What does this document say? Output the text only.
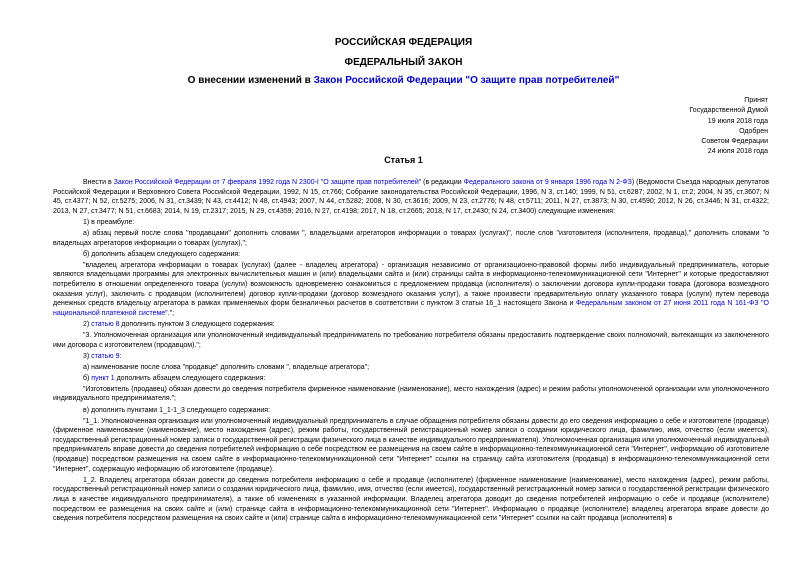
РОССИЙСКАЯ ФЕДЕРАЦИЯ
ФЕДЕРАЛЬНЫЙ ЗАКОН
О внесении изменений в Закон Российской Федерации "О защите прав потребителей"
Принят
Государственной Думой
19 июля 2018 года
Одобрен
Советом Федерации
24 июля 2018 года
Статья 1

Внести в Закон Российской Федерации от 7 февраля 1992 года N 2300-I "О защите прав потребителей" (в редакции Федерального закона от 9 января 1996 года N 2-ФЗ) (Ведомости Съезда народных депутатов Российской Федерации и Верховного Совета Российской Федерации, 1992, N 15, ст.766; Собрание законодательства Российской Федерации, 1996, N 3, ст.140; 1999, N 51, ст.6287; 2002, N 1, ст.2; 2004, N 35, ст.3607; N 45, ст.4377; N 52, ст.5275; 2006, N 31, ст.3439; N 43, ст.4412; N 48, ст.4943; 2007, N 44, ст.5282; 2008, N 30, ст.3616; 2009, N 23, ст.2776; N 48, ст.5711; 2011, N 27, ст.3873; N 30, ст.4590; 2012, N 26, ст.3446; N 31, ст.4322; 2013, N 27, ст.3477; N 51, ст.6683; 2014, N 19, ст.2317; 2015, N 29, ст.4359; 2016, N 27, ст.4198; 2017, N 18, ст.2665; 2018, N 17, ст.2430; N 24, ст.3400) следующие изменения:

1) в преамбуле:

а) абзац первый после слова "продавцами" дополнить словами ", владельцами агрегаторов информации о товарах (услугах)", после слов "изготовителя (исполнителя, продавца)," дополнить словами "о владельцах агрегаторов информации о товарах (услугах),";

б) дополнить абзацем следующего содержания:

"владелец агрегатора информации о товарах (услугах) (далее - владелец агрегатора) - организация независимо от организационно-правовой формы либо индивидуальный предприниматель, которые являются владельцами программы для электронных вычислительных машин и (или) владельцами сайта и (или) страницы сайта в информационно-телекоммуникационной сети "Интернет" и которые предоставляют потребителю в отношении определенного товара (услуги) возможность одновременно ознакомиться с предложением продавца (исполнителя) о заключении договора купли-продажи товара (договора возмездного оказания услуг), заключить с продавцом (исполнителем) договор купли-продажи (договор возмездного оказания услуг), а также произвести предварительную оплату указанного товара (услуги) путем перевода денежных средств владельцу агрегатора в рамках применяемых форм безналичных расчетов в соответствии с пунктом 3 статьи 16_1 настоящего Закона и Федеральным законом от 27 июня 2011 года N 161-ФЗ "О национальной платежной системе".";

2) статью 8 дополнить пунктом 3 следующего содержания:

"3. Уполномоченная организация или уполномоченный индивидуальный предприниматель по требованию потребителя обязаны предоставить подтверждение своих полномочий, вытекающих из заключенного ими договора с изготовителем (продавцом).";

3) статью 9:

а) наименование после слова "продавце" дополнить словами ", владельце агрегатора";

б) пункт 1 дополнить абзацем следующего содержания:

"Изготовитель (продавец) обязан довести до сведения потребителя фирменное наименование (наименование), место нахождения (адрес) и режим работы уполномоченной организации или уполномоченного индивидуального предпринимателя.";

в) дополнить пунктами 1_1-1_3 следующего содержания:

"1_1. Уполномоченная организация или уполномоченный индивидуальный предприниматель в случае обращения потребителя обязаны довести до его сведения информацию о себе и изготовителе (продавце) (фирменное наименование (наименование), место нахождения (адрес), режим работы, государственный регистрационный номер записи о создании юридического лица, фамилию, имя, отчество (если имеется), государственный регистрационный номер записи о государственной регистрации физического лица в качестве индивидуального предпринимателя). Уполномоченная организация или уполномоченный индивидуальный предприниматель вправе довести до сведения потребителей информацию о себе посредством ее размещения на своем сайте в информационно-телекоммуникационной сети "Интернет", информацию об изготовителе (продавце) посредством размещения на своем сайте в информационно-телекоммуникационной сети "Интернет" ссылки на страницу сайта изготовителя (продавца) в информационно-телекоммуникационной сети "Интернет", содержащую информацию об изготовителе (продавце).

1_2. Владелец агрегатора обязан довести до сведения потребителя информацию о себе и продавце (исполнителе) (фирменное наименование (наименование), место нахождения (адрес), режим работы, государственный регистрационный номер записи о создании юридического лица, фамилию, имя, отчество (если имеется), государственный регистрационный номер записи о государственной регистрации физического лица в качестве индивидуального предпринимателя), а также об изменениях в указанной информации. Владелец агрегатора доводит до сведения потребителей информацию о себе и продавце (исполнителе) посредством ее размещения на своих сайте и (или) странице сайта в информационно-телекоммуникационной сети "Интернет". Информацию о продавце (исполнителе) владелец агрегатора вправе довести до сведения потребителя посредством размещения на своих сайте и (или) странице сайта в информационно-телекоммуникационной сети "Интернет" ссылки на сайт продавца (исполнителя) в
